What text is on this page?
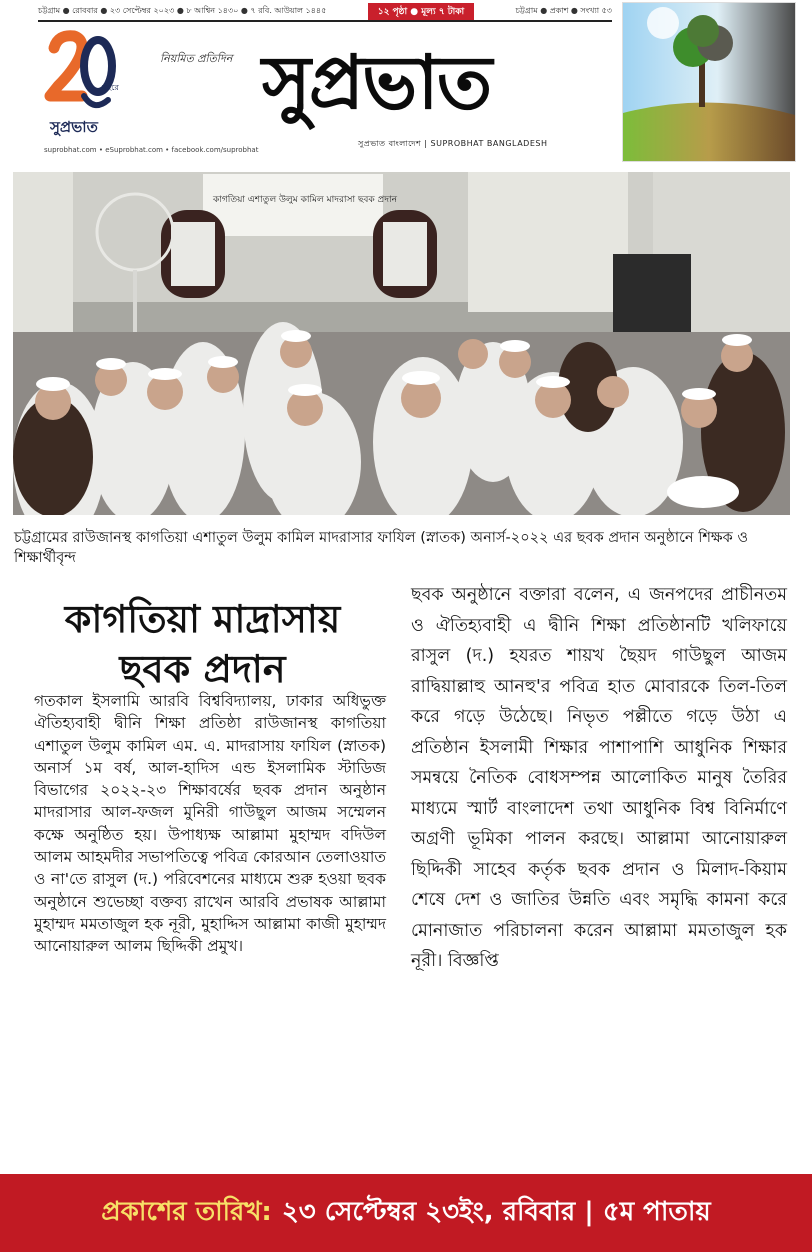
চট্টগ্রাম ● রোববার ● ২৩ সেপ্টেম্বর ২০২৩ ● ৮ আশ্বিন ১৪৩০ ● ৭ রবি. আউয়াল ১৪৪৫	১২ পৃষ্ঠা ● মূল্য ৭ টাকা	চট্টগ্রাম ● প্রকাশ ● সংখ্যা ৫৩
বছরে
সুপ্রভাত
নিয়মিত প্রতিদিন সুপ্রভাত
সুপ্রভাত বাংলাদেশ | SUPROBHAT BANGLADESH
suprobhat.com • eSuprobhat.com • facebook.com/suprobhat
কাগতিয়া এশাতুল উলুম কামিল মাদরাসা ছবক প্রদান
চট্টগ্রামের রাউজানস্থ কাগতিয়া এশাতুল উলুম কামিল মাদরাসার ফাযিল (স্নাতক) অনার্স-২০২২ এর ছবক প্রদান অনুষ্ঠানে শিক্ষক ও শিক্ষার্থীবৃন্দ
কাগতিয়া মাদ্রাসায়
ছবক প্রদান
গতকাল ইসলামি আরবি বিশ্ববিদ্যালয়, ঢাকার অধিভুক্ত ঐতিহ্যবাহী দ্বীনি শিক্ষা প্রতিষ্ঠা রাউজানস্থ কাগতিয়া এশাতুল উলুম কামিল এম. এ. মাদরাসায় ফাযিল (স্নাতক) অনার্স ১ম বর্ষ, আল-হাদিস এন্ড ইসলামিক স্টাডিজ বিভাগের ২০২২-২৩ শিক্ষাবর্ষের ছবক প্রদান অনুষ্ঠান মাদরাসার আল-ফজল মুনিরী গাউছুল আজম সম্মেলন কক্ষে অনুষ্ঠিত হয়। উপাধ্যক্ষ আল্লামা মুহাম্মদ বদিউল আলম আহমদীর সভাপতিত্বে পবিত্র কোরআন তেলাওয়াত ও না'তে রাসুল (দ.) পরিবেশনের মাধ্যমে শুরু হওয়া ছবক অনুষ্ঠানে শুভেচ্ছা বক্তব্য রাখেন আরবি প্রভাষক আল্লামা মুহাম্মদ মমতাজুল হক নূরী, মুহাদ্দিস আল্লামা কাজী মুহাম্মদ আনোয়ারুল আলম ছিদ্দিকী প্রমুখ।
ছবক অনুষ্ঠানে বক্তারা বলেন, এ জনপদের প্রাচীনতম ও ঐতিহ্যবাহী এ দ্বীনি শিক্ষা প্রতিষ্ঠানটি খলিফায়ে রাসুল (দ.) হযরত শায়খ ছৈয়দ গাউছুল আজম রাদ্বিয়াল্লাহু আনহু'র পবিত্র হাত মোবারকে তিল-তিল করে গড়ে উঠেছে। নিভৃত পল্লীতে গড়ে উঠা এ প্রতিষ্ঠান ইসলামী শিক্ষার পাশাপাশি আধুনিক শিক্ষার সমন্বয়ে নৈতিক বোধসম্পন্ন আলোকিত মানুষ তৈরির মাধ্যমে স্মার্ট বাংলাদেশ তথা আধুনিক বিশ্ব বিনির্মাণে অগ্রণী ভূমিকা পালন করছে। আল্লামা আনোয়ারুল ছিদ্দিকী সাহেব কর্তৃক ছবক প্রদান ও মিলাদ-কিয়াম শেষে দেশ ও জাতির উন্নতি এবং সমৃদ্ধি কামনা করে মোনাজাত পরিচালনা করেন আল্লামা মমতাজুল হক নূরী। বিজ্ঞপ্তি
প্রকাশের তারিখ: ২৩ সেপ্টেম্বর ২৩ইং, রবিবার | ৫ম পাতায়
